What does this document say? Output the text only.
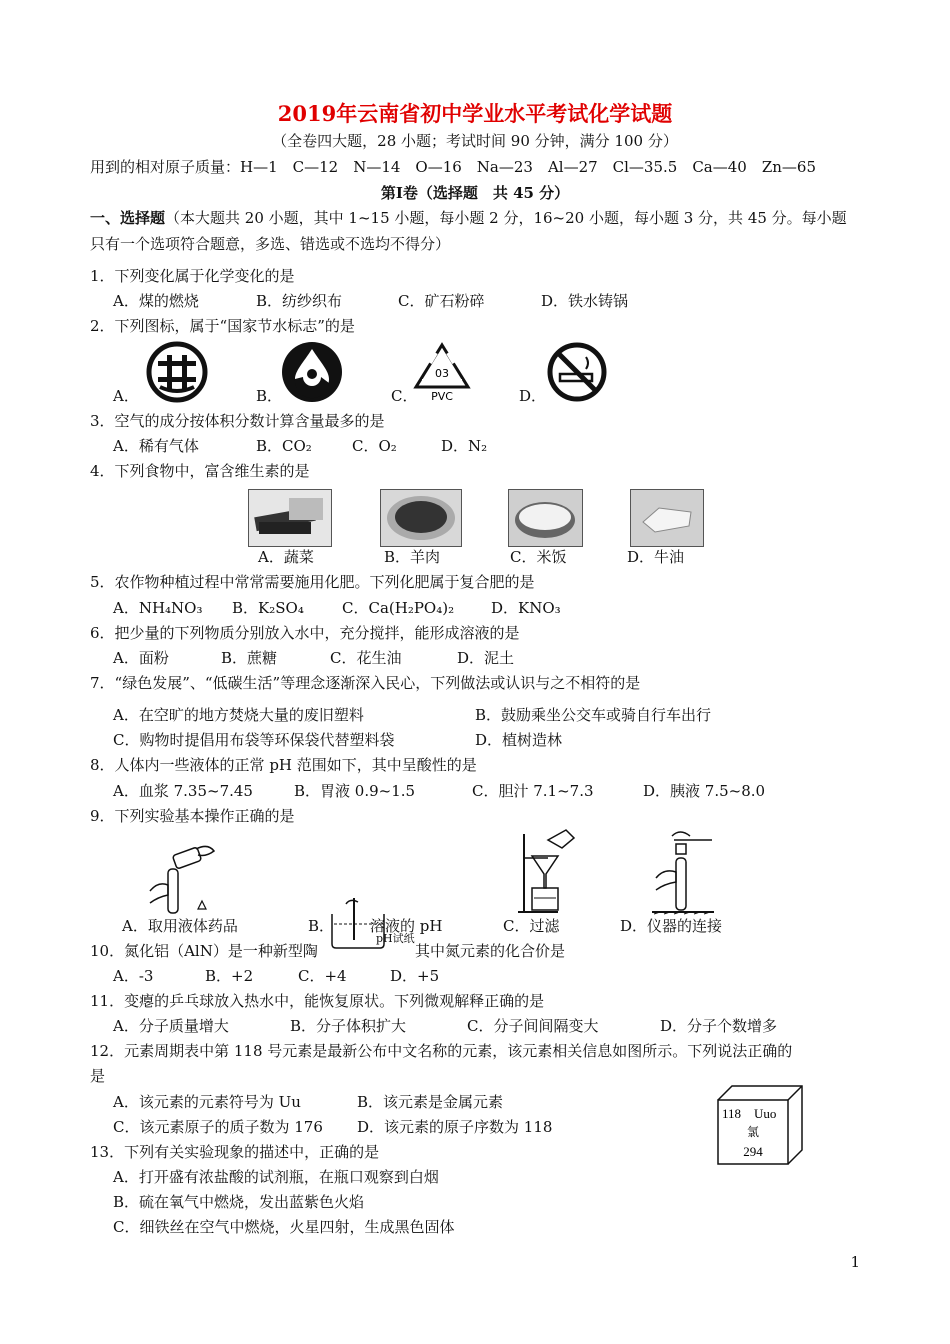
2019年云南省初中学业水平考试化学试题
（全卷四大题，28 小题；考试时间 90 分钟，满分 100 分）
用到的相对原子质量：H—1　C—12　N—14　O—16　Na—23　Al—27　Cl—35.5　Ca—40　Zn—65
第Ⅰ卷（选择题　共 45 分）
一、选择题（本大题共 20 小题，其中 1~15 小题，每小题 2 分，16~20 小题，每小题 3 分，共 45 分。每小题
只有一个选项符合题意，多选、错选或不选均不得分）
1．下列变化属于化学变化的是
A．煤的燃烧	B．纺纱织布	C．矿石粉碎	D．铁水铸锅
2．下列图标，属于“国家节水标志”的是
A．	B．	C．	D．
03
PVC
3．空气的成分按体积分数计算含量最多的是
A．稀有气体	B．CO₂	C．O₂	D．N₂
4．下列食物中，富含维生素的是
A．蔬菜	B．羊肉	C．米饭	D．牛油
5．农作物种植过程中常常需要施用化肥。下列化肥属于复合肥的是
A．NH₄NO₃ B．K₂SO₄	C．Ca(H₂PO₄)₂ D．KNO₃
6．把少量的下列物质分别放入水中，充分搅拌，能形成溶液的是
A．面粉	B．蔗糖	C．花生油	D．泥土
7．“绿色发展”、“低碳生活”等理念逐渐深入民心，下列做法或认识与之不相符的是
A．在空旷的地方焚烧大量的废旧塑料	B．鼓励乘坐公交车或骑自行车出行
C．购物时提倡用布袋等环保袋代替塑料袋	D．植树造林
8．人体内一些液体的正常 pH 范围如下，其中呈酸性的是
A．血浆 7.35~7.45	B．胃液 0.9~1.5	C．胆汁 7.1~7.3	D．胰液 7.5~8.0
9．下列实验基本操作正确的是
pH试纸
A．取用液体药品	B． 溶液的 pH	C．过滤	D．仪器的连接
10．氮化铝（AlN）是一种新型陶	其中氮元素的化合价是
A．-3	B．+2	C．+4	D．+5
11．变瘪的乒乓球放入热水中，能恢复原状。下列微观解释正确的是
A．分子质量增大	B．分子体积扩大	C．分子间间隔变大	D．分子个数增多
12．元素周期表中第 118 号元素是最新公布中文名称的元素，该元素相关信息如图所示。下列说法正确的
是
A．该元素的元素符号为 Uu	B．该元素是金属元素
C．该元素原子的质子数为 176 D．该元素的原子序数为 118
118 Uuo
氯
294
13．下列有关实验现象的描述中，正确的是
A．打开盛有浓盐酸的试剂瓶，在瓶口观察到白烟
B．硫在氧气中燃烧，发出蓝紫色火焰
C．细铁丝在空气中燃烧，火星四射，生成黑色固体
1
